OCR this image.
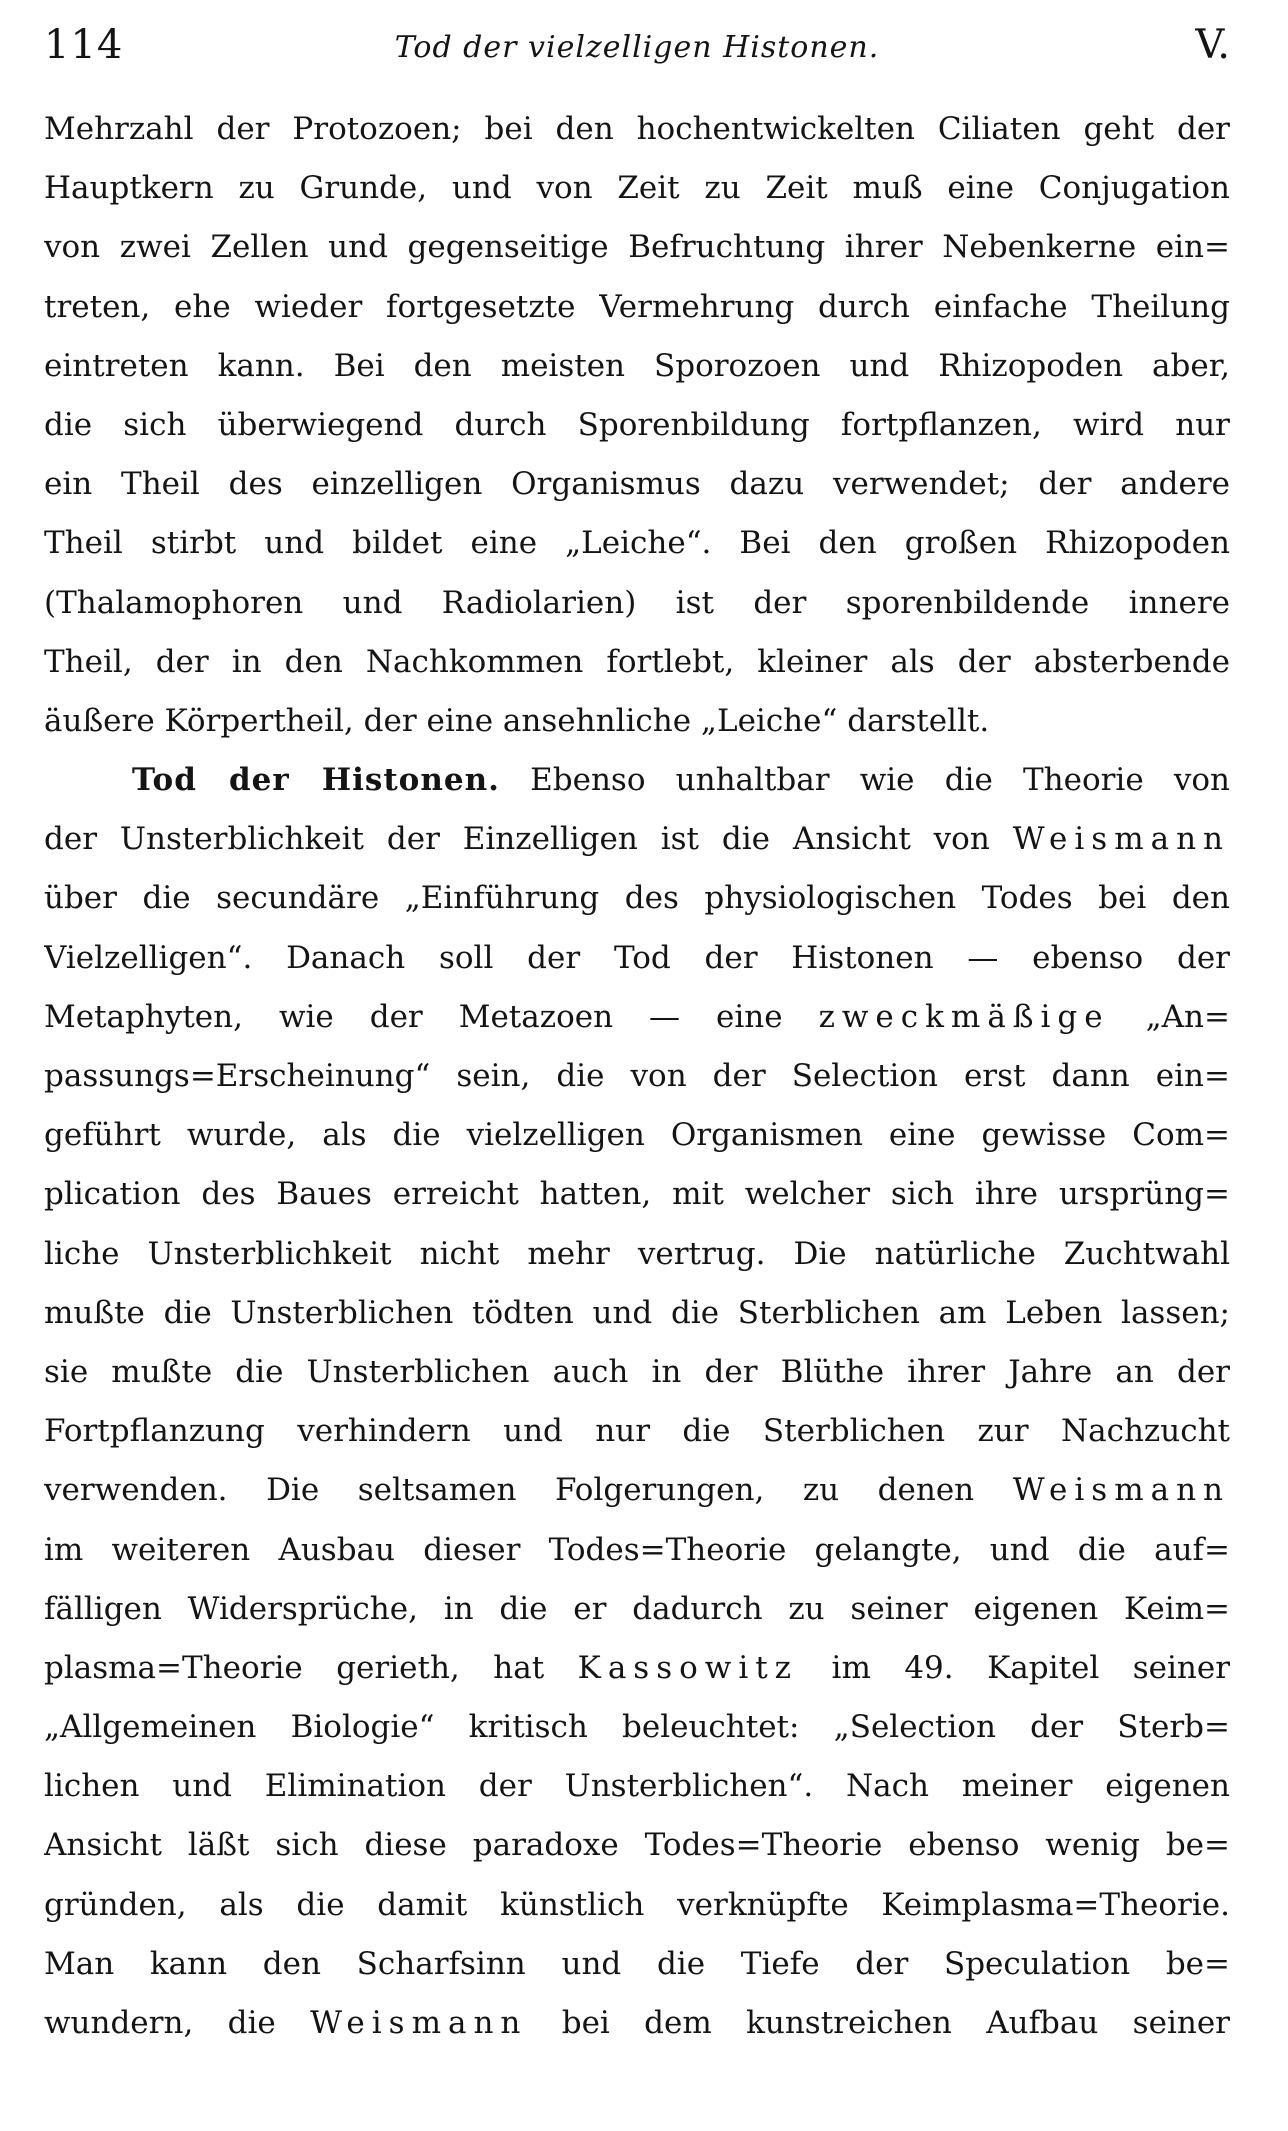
114	Tod der vielzelligen Histonen.	V.
Mehrzahl der Protozoen; bei den hochentwickelten Ciliaten geht der
Hauptkern zu Grunde, und von Zeit zu Zeit muß eine Conjugation
von zwei Zellen und gegenseitige Befruchtung ihrer Nebenkerne ein=
treten, ehe wieder fortgesetzte Vermehrung durch einfache Theilung
eintreten kann. Bei den meisten Sporozoen und Rhizopoden aber,
die sich überwiegend durch Sporenbildung fortpflanzen, wird nur
ein Theil des einzelligen Organismus dazu verwendet; der andere
Theil stirbt und bildet eine „Leiche“. Bei den großen Rhizopoden
(Thalamophoren und Radiolarien) ist der sporenbildende innere
Theil, der in den Nachkommen fortlebt, kleiner als der absterbende
äußere Körpertheil, der eine ansehnliche „Leiche“ darstellt.
Tod der Histonen. Ebenso unhaltbar wie die Theorie von
der Unsterblichkeit der Einzelligen ist die Ansicht von Weismann
über die secundäre „Einführung des physiologischen Todes bei den
Vielzelligen“. Danach soll der Tod der Histonen — ebenso der
Metaphyten, wie der Metazoen — eine zweckmäßige „An=
passungs=Erscheinung“ sein, die von der Selection erst dann ein=
geführt wurde, als die vielzelligen Organismen eine gewisse Com=
plication des Baues erreicht hatten, mit welcher sich ihre ursprüng=
liche Unsterblichkeit nicht mehr vertrug. Die natürliche Zuchtwahl
mußte die Unsterblichen tödten und die Sterblichen am Leben lassen;
sie mußte die Unsterblichen auch in der Blüthe ihrer Jahre an der
Fortpflanzung verhindern und nur die Sterblichen zur Nachzucht
verwenden. Die seltsamen Folgerungen, zu denen Weismann
im weiteren Ausbau dieser Todes=Theorie gelangte, und die auf=
fälligen Widersprüche, in die er dadurch zu seiner eigenen Keim=
plasma=Theorie gerieth, hat Kassowitz im 49. Kapitel seiner
„Allgemeinen Biologie“ kritisch beleuchtet: „Selection der Sterb=
lichen und Elimination der Unsterblichen“. Nach meiner eigenen
Ansicht läßt sich diese paradoxe Todes=Theorie ebenso wenig be=
gründen, als die damit künstlich verknüpfte Keimplasma=Theorie.
Man kann den Scharfsinn und die Tiefe der Speculation be=
wundern, die Weismann bei dem kunstreichen Aufbau seiner
